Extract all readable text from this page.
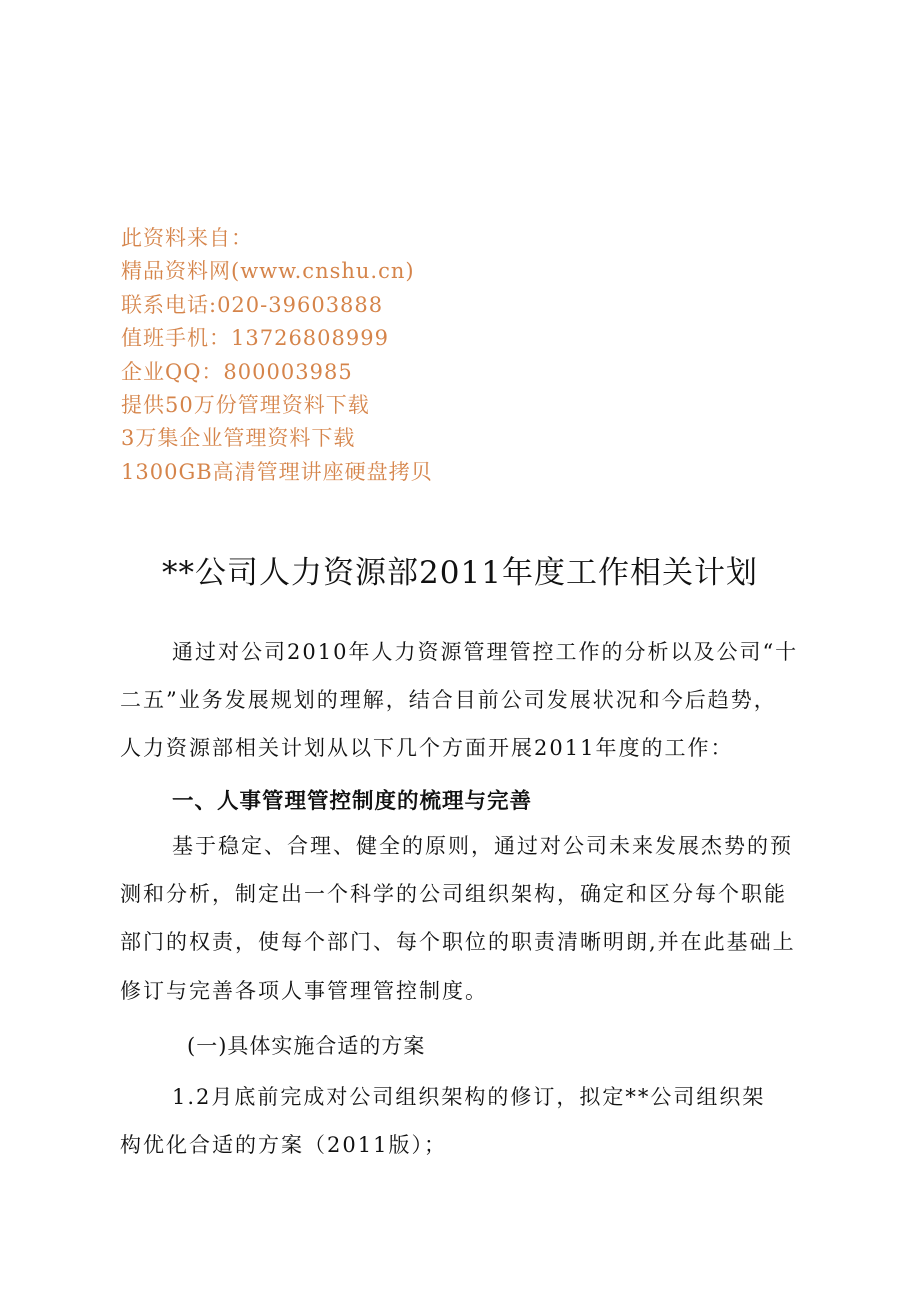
此资料来自：
精品资料网(www.cnshu.cn)
联系电话:020-39603888
值班手机：13726808999
企业QQ：800003985
提供50万份管理资料下载
3万集企业管理资料下载
1300GB高清管理讲座硬盘拷贝
**公司人力资源部2011年度工作相关计划
通过对公司2010年人力资源管理管控工作的分析以及公司“十
二五”业务发展规划的理解，结合目前公司发展状况和今后趋势，
人力资源部相关计划从以下几个方面开展2011年度的工作：
一、人事管理管控制度的梳理与完善
基于稳定、合理、健全的原则，通过对公司未来发展杰势的预
测和分析，制定出一个科学的公司组织架构，确定和区分每个职能
部门的权责，使每个部门、每个职位的职责清晰明朗,并在此基础上
修订与完善各项人事管理管控制度。
(一)具体实施合适的方案
1.2月底前完成对公司组织架构的修订，拟定**公司组织架
构优化合适的方案（2011版）；
